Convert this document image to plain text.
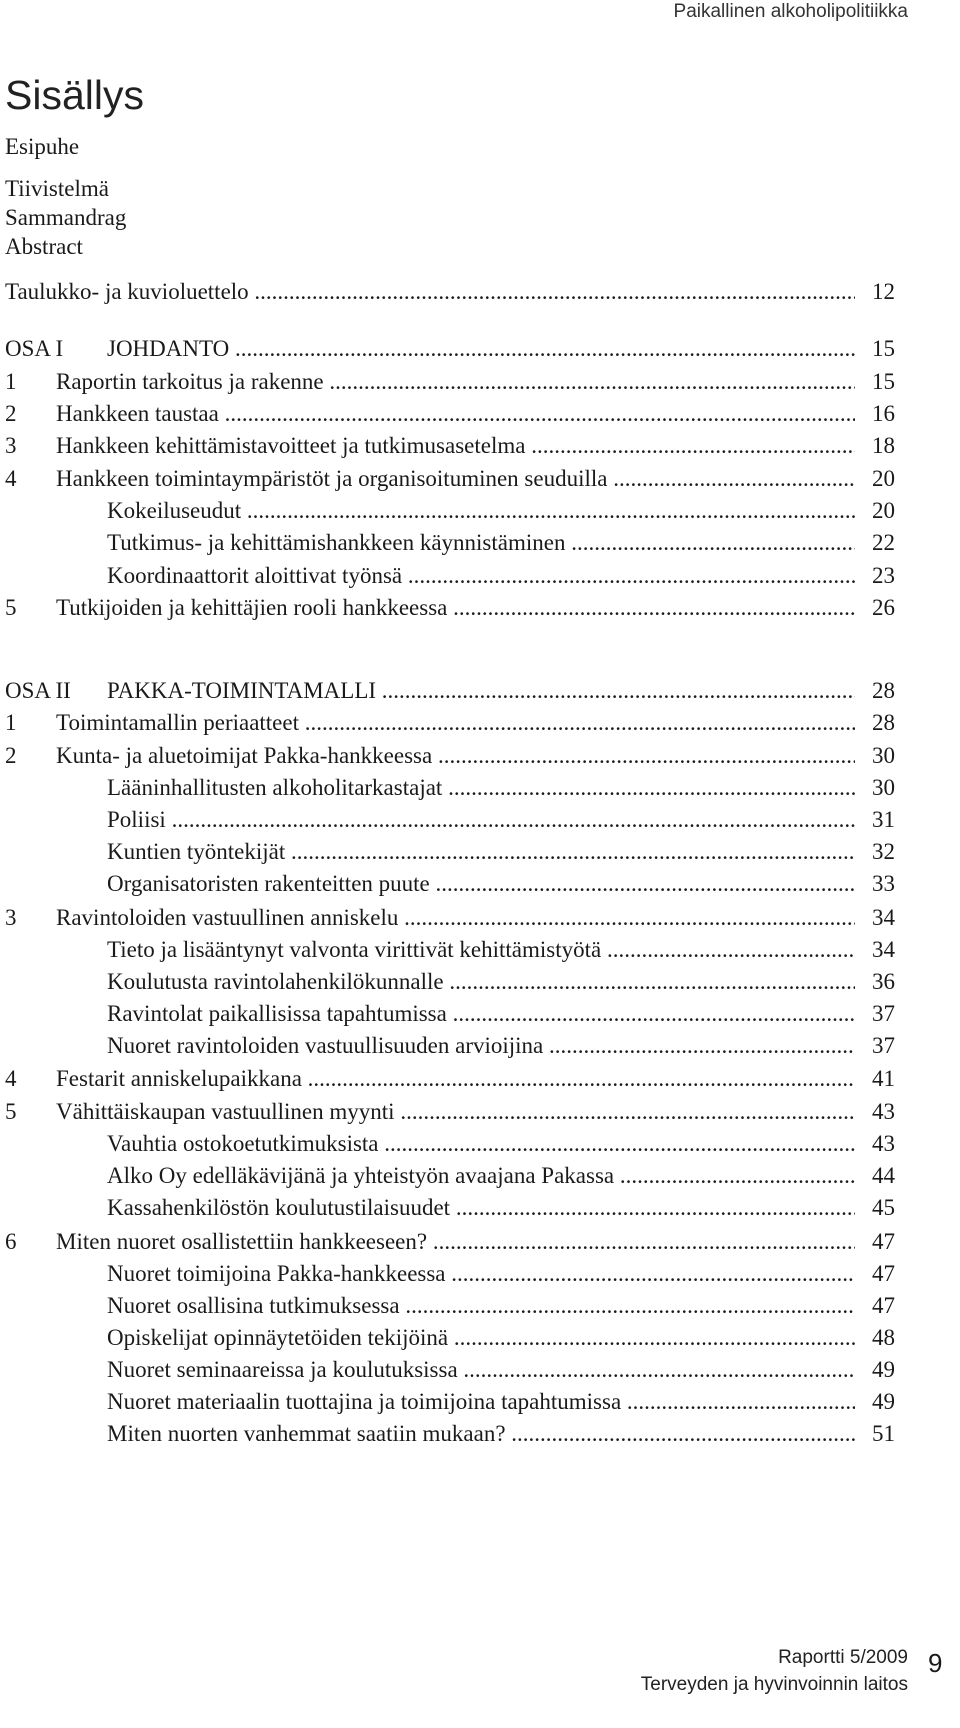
Paikallinen alkoholipolitiikka
Sisällys
Esipuhe
Tiivistelmä
Sammandrag
Abstract
Taulukko- ja kuvioluettelo .....	12
OSA I JOHDANTO .....	15
1 Raportin tarkoitus ja rakenne .....	15
2 Hankkeen taustaa .....	16
3 Hankkeen kehittämistavoitteet ja tutkimusasetelma .....	18
4 Hankkeen toimintaympäristöt ja organisoituminen seuduilla .....	20
Kokeiluseudut .....	20
Tutkimus- ja kehittämishankkeen käynnistäminen .....	22
Koordinaattorit aloittivat työnsä .....	23
5 Tutkijoiden ja kehittäjien rooli hankkeessa .....	26
OSA II PAKKA-TOIMINTAMALLI .....	28
1 Toimintamallin periaatteet .....	28
2 Kunta- ja aluetoimijat Pakka-hankkeessa .....	30
Lääninhallitusten alkoholitarkastajat .....	30
Poliisi .....	31
Kuntien työntekijät .....	32
Organisatoristen rakenteitten puute .....	33
3 Ravintoloiden vastuullinen anniskelu .....	34
Tieto ja lisääntynyt valvonta virittivät kehittämistyötä .....	34
Koulutusta ravintolahenkilökunnalle .....	36
Ravintolat paikallisissa tapahtumissa .....	37
Nuoret ravintoloiden vastuullisuuden arvioijina .....	37
4 Festarit anniskelupaikkana .....	41
5 Vähittäiskaupan vastuullinen myynti .....	43
Vauhtia ostokoetutkimuksista .....	43
Alko Oy edelläkävijänä ja yhteistyön avaajana Pakassa .....	44
Kassahenkilöstön koulutustilaisuudet .....	45
6 Miten nuoret osallistettiin hankkeeseen? .....	47
Nuoret toimijoina Pakka-hankkeessa .....	47
Nuoret osallisina tutkimuksessa .....	47
Opiskelijat opinnäytetöiden tekijöinä .....	48
Nuoret seminaareissa ja koulutuksissa .....	49
Nuoret materiaalin tuottajina ja toimijoina tapahtumissa .....	49
Miten nuorten vanhemmat saatiin mukaan? .....	51
Raportti 5/2009
Terveyden ja hyvinvoinnin laitos
9
